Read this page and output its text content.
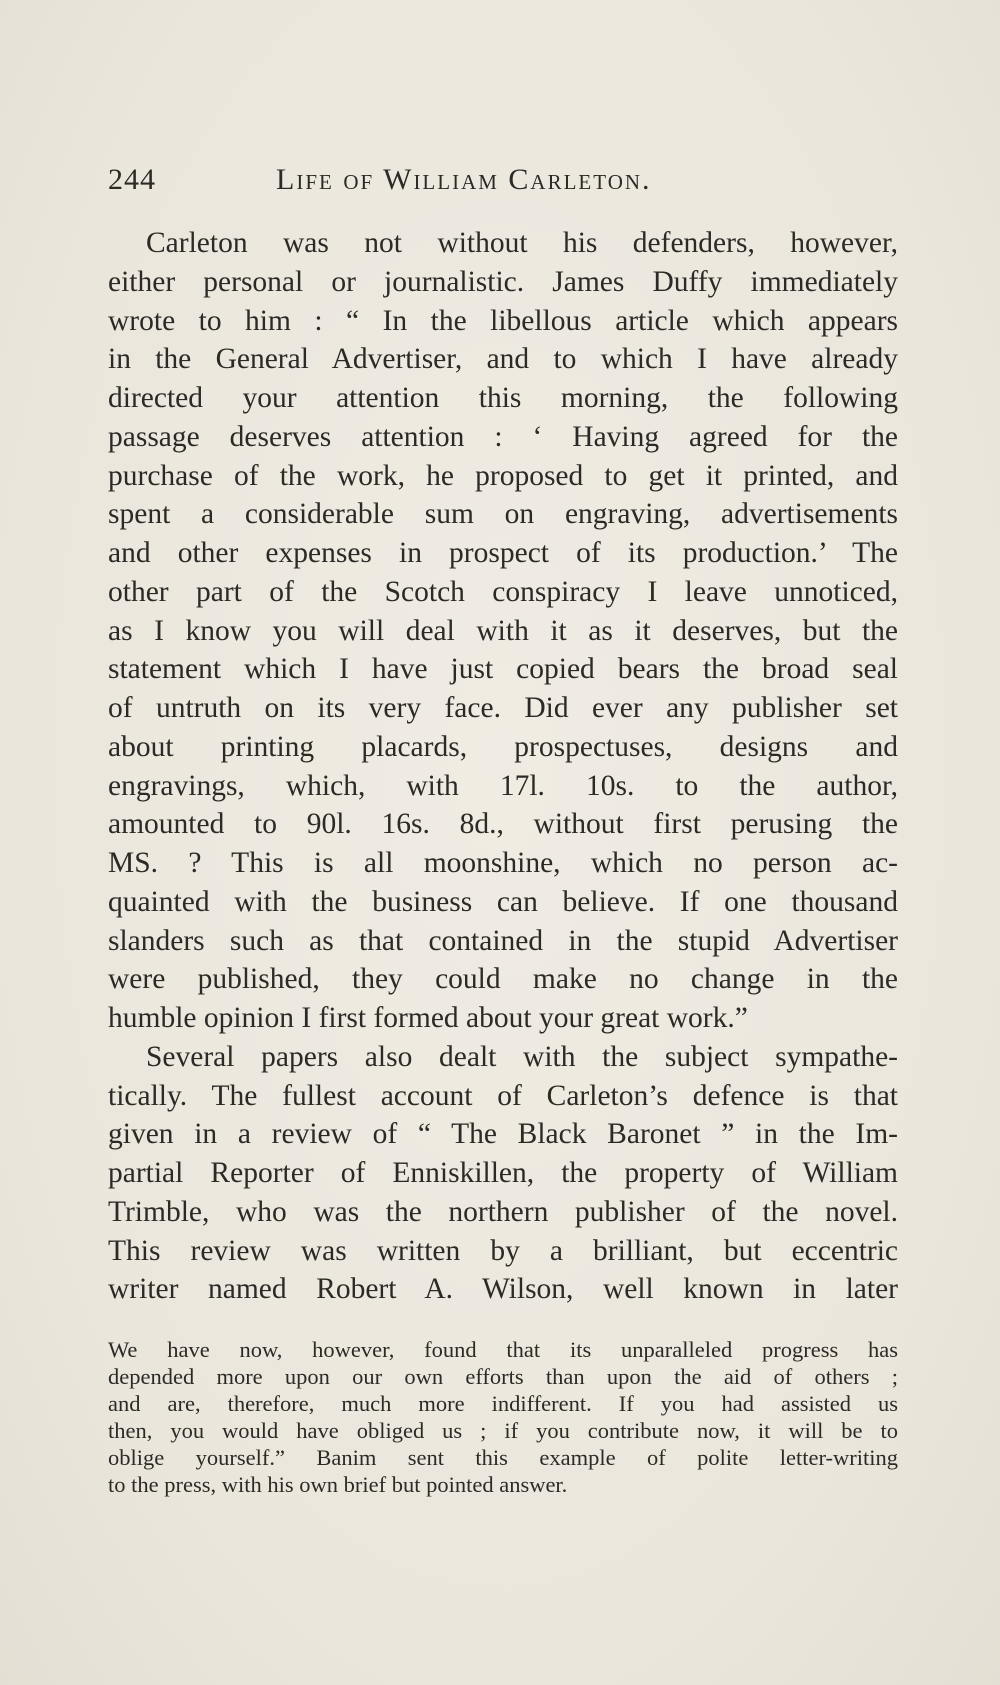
244	Life of William Carleton.
Carleton was not without his defenders, however,
either personal or journalistic. James Duffy immediately
wrote to him : “ In the libellous article which appears
in the General Advertiser, and to which I have already
directed your attention this morning, the following
passage deserves attention : ‘ Having agreed for the
purchase of the work, he proposed to get it printed, and
spent a considerable sum on engraving, advertisements
and other expenses in prospect of its production.’ The
other part of the Scotch conspiracy I leave unnoticed,
as I know you will deal with it as it deserves, but the
statement which I have just copied bears the broad seal
of untruth on its very face. Did ever any publisher set
about printing placards, prospectuses, designs and
engravings, which, with 17l. 10s. to the author,
amounted to 90l. 16s. 8d., without first perusing the
MS. ? This is all moonshine, which no person ac-
quainted with the business can believe. If one thousand
slanders such as that contained in the stupid Advertiser
were published, they could make no change in the
humble opinion I first formed about your great work.”
Several papers also dealt with the subject sympathe-
tically. The fullest account of Carleton’s defence is that
given in a review of “ The Black Baronet ” in the Im-
partial Reporter of Enniskillen, the property of William
Trimble, who was the northern publisher of the novel.
This review was written by a brilliant, but eccentric
writer named Robert A. Wilson, well known in later
We have now, however, found that its unparalleled progress has
depended more upon our own efforts than upon the aid of others ;
and are, therefore, much more indifferent. If you had assisted us
then, you would have obliged us ; if you contribute now, it will be to
oblige yourself.” Banim sent this example of polite letter-writing
to the press, with his own brief but pointed answer.
